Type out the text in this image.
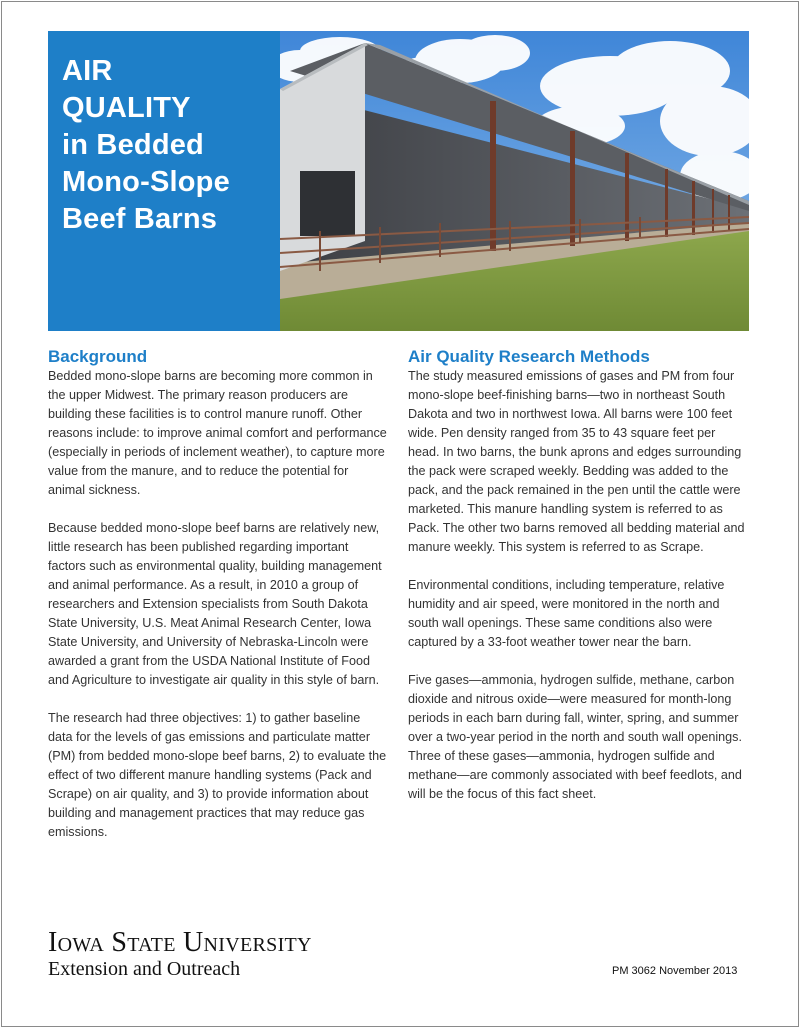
AIR
QUALITY
in Bedded
Mono-Slope
Beef Barns
Background

Bedded mono-slope barns are becoming more common in the upper Midwest. The primary reason producers are building these facilities is to control manure runoff. Other reasons include: to improve animal comfort and performance (especially in periods of inclement weather), to capture more value from the manure, and to reduce the potential for animal sickness.

Because bedded mono-slope beef barns are relatively new, little research has been published regarding important factors such as environmental quality, building management and animal performance. As a result, in 2010 a group of researchers and Extension specialists from South Dakota State University, U.S. Meat Animal Research Center, Iowa State University, and University of Nebraska-Lincoln were awarded a grant from the USDA National Institute of Food and Agriculture to investigate air quality in this style of barn.

The research had three objectives: 1) to gather baseline data for the levels of gas emissions and particulate matter (PM) from bedded mono-slope beef barns, 2) to evaluate the effect of two different manure handling systems (Pack and Scrape) on air quality, and 3) to provide information about building and management practices that may reduce gas emissions.

Air Quality Research Methods

The study measured emissions of gases and PM from four mono-slope beef-finishing barns—two in northeast South Dakota and two in northwest Iowa. All barns were 100 feet wide. Pen density ranged from 35 to 43 square feet per head. In two barns, the bunk aprons and edges surrounding the pack were scraped weekly. Bedding was added to the pack, and the pack remained in the pen until the cattle were marketed. This manure handling system is referred to as Pack. The other two barns removed all bedding material and manure weekly. This system is referred to as Scrape.

Environmental conditions, including temperature, relative humidity and air speed, were monitored in the north and south wall openings. These same conditions also were captured by a 33-foot weather tower near the barn.

Five gases—ammonia, hydrogen sulfide, methane, carbon dioxide and nitrous oxide—were measured for month-long periods in each barn during fall, winter, spring, and summer over a two-year period in the north and south wall openings. Three of these gases—ammonia, hydrogen sulfide and methane—are commonly associated with beef feedlots, and will be the focus of this fact sheet.

Iowa State University
Extension and Outreach	PM 3062 November 2013
